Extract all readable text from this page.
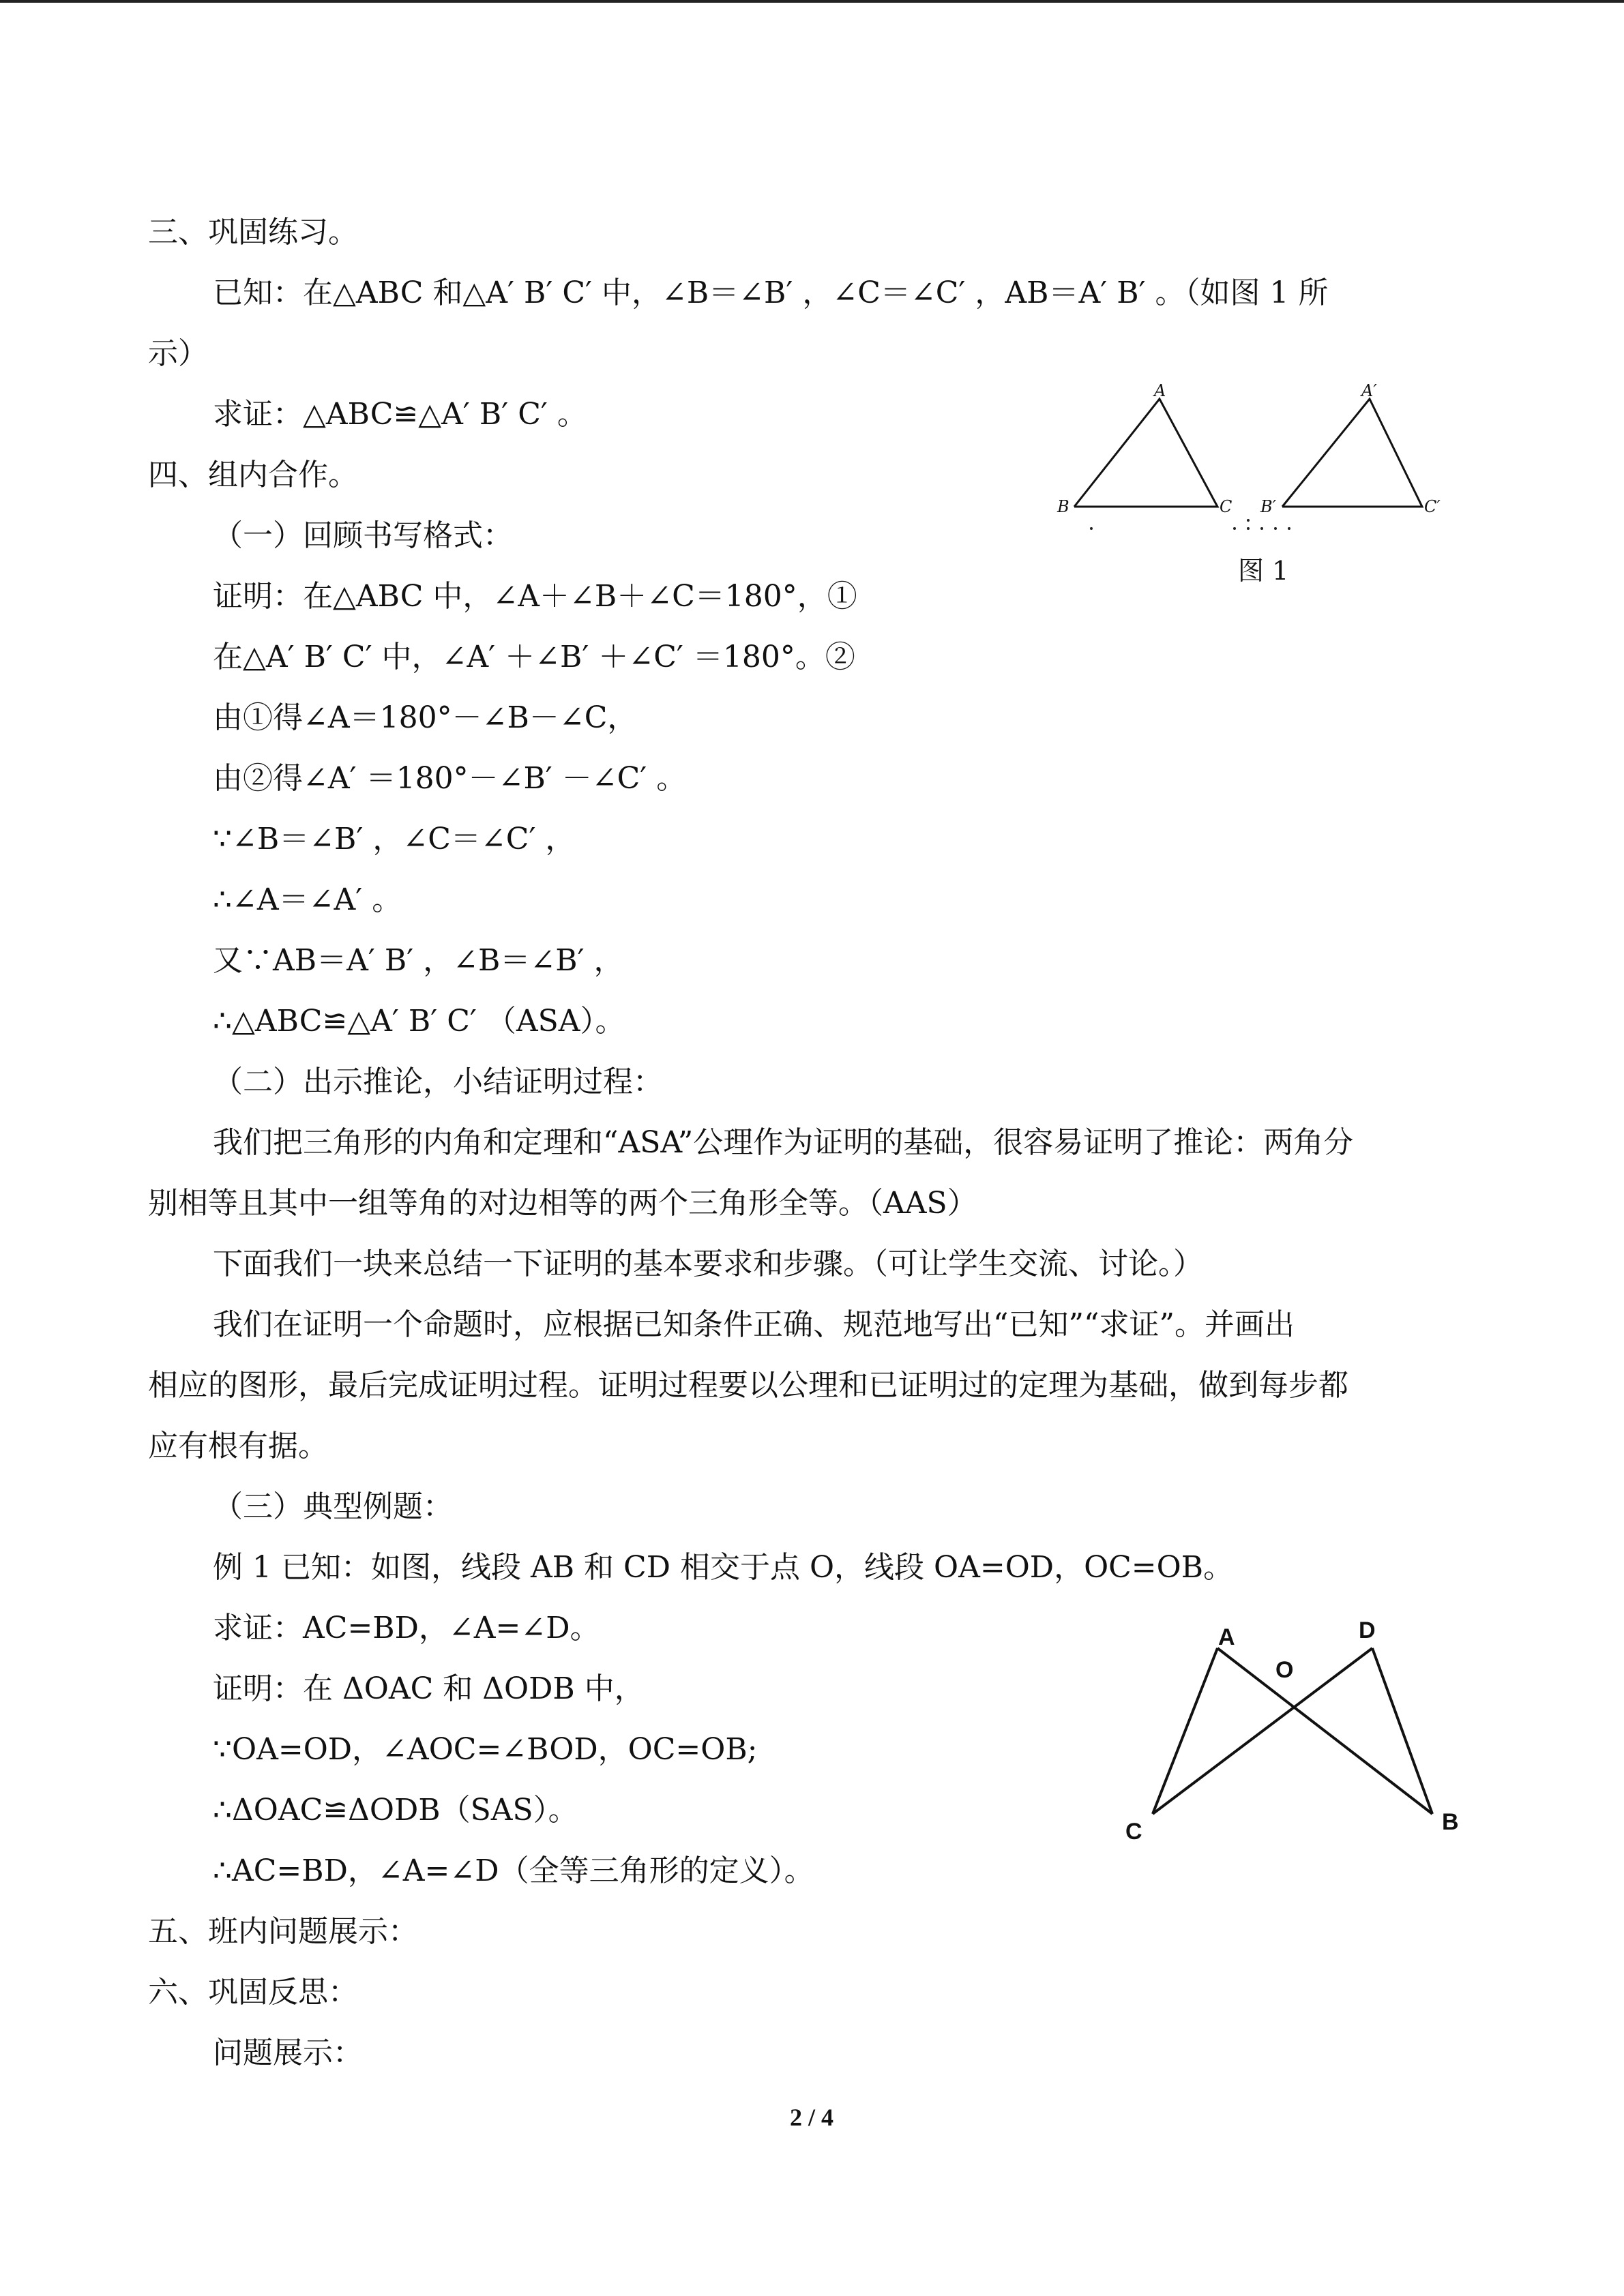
三、巩固练习。
已知：在△ABC 和△A′ B′ C′ 中，∠B＝∠B′ ，∠C＝∠C′ ，AB＝A′ B′ 。（如图 1 所
示）
求证：△ABC≌△A′ B′ C′ 。
四、组内合作。
（一）回顾书写格式：
证明：在△ABC 中，∠A＋∠B＋∠C＝180°，①
在△A′ B′ C′ 中，∠A′ ＋∠B′ ＋∠C′ ＝180°。②
由①得∠A＝180°－∠B－∠C，
由②得∠A′ ＝180°－∠B′ －∠C′ 。
∵∠B＝∠B′ ，∠C＝∠C′ ，
∴∠A＝∠A′ 。
又∵AB＝A′ B′ ，∠B＝∠B′ ，
∴△ABC≌△A′ B′ C′ （ASA）。
（二）出示推论，小结证明过程：
我们把三角形的内角和定理和“ASA”公理作为证明的基础，很容易证明了推论：两角分
别相等且其中一组等角的对边相等的两个三角形全等。（AAS）
下面我们一块来总结一下证明的基本要求和步骤。（可让学生交流、讨论。）
我们在证明一个命题时，应根据已知条件正确、规范地写出“已知”“求证”。并画出
相应的图形，最后完成证明过程。证明过程要以公理和已证明过的定理为基础，做到每步都
应有根有据。
（三）典型例题：
例 1 已知：如图，线段 AB 和 CD 相交于点 O，线段 OA=OD，OC=OB。
求证：AC=BD，∠A=∠D。
证明：在 ΔOAC 和 ΔODB 中，
∵OA=OD，∠AOC=∠BOD，OC=OB;
∴ΔOAC≌ΔODB（SAS）。
∴AC=BD，∠A=∠D（全等三角形的定义）。
五、班内问题展示：
六、巩固反思：
问题展示：
A
B	C
A′
B′	C′
图 1
A	D
O
C	B
2 / 4
